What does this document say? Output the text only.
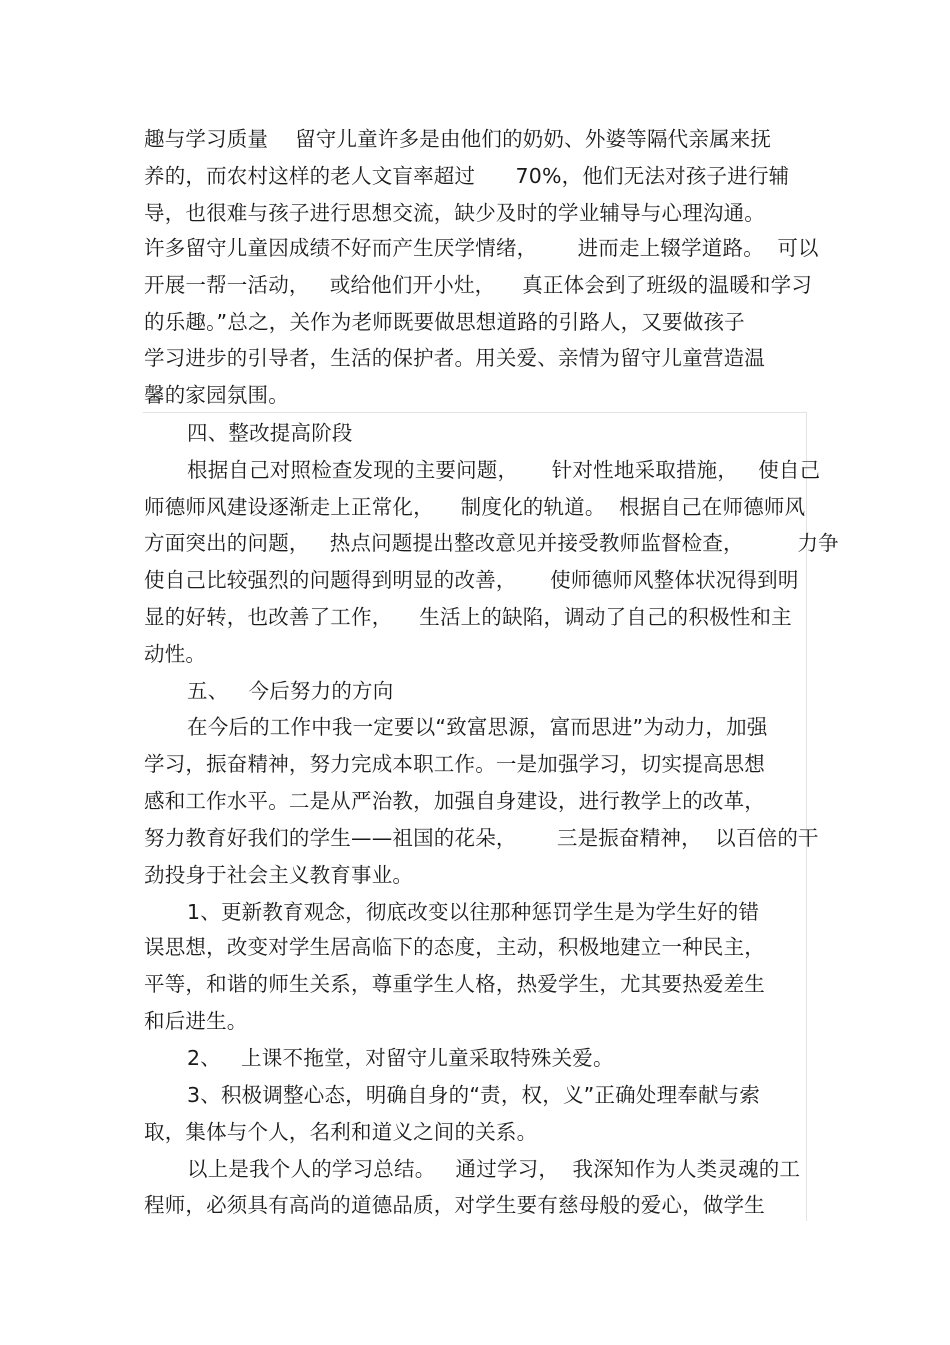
趣与学习质量    留守儿童许多是由他们的奶奶、外婆等隔代亲属来抚
养的，而农村这样的老人文盲率超过      70%，他们无法对孩子进行辅
导，也很难与孩子进行思想交流，缺少及时的学业辅导与心理沟通。
许多留守儿童因成绩不好而产生厌学情绪，      进而走上辍学道路。  可以
开展一帮一活动，   或给他们开小灶，    真正体会到了班级的温暖和学习
的乐趣。”总之，关作为老师既要做思想道路的引路人，又要做孩子
学习进步的引导者，生活的保护者。用关爱、亲情为留守儿童营造温
馨的家园氛围。
四、整改提高阶段
根据自己对照检查发现的主要问题，     针对性地采取措施，   使自己
师德师风建设逐渐走上正常化，    制度化的轨道。  根据自己在师德师风
方面突出的问题，   热点问题提出整改意见并接受教师监督检查，        力争
使自己比较强烈的问题得到明显的改善，     使师德师风整体状况得到明
显的好转，也改善了工作，    生活上的缺陷，调动了自己的积极性和主
动性。
五、   今后努力的方向
在今后的工作中我一定要以“致富思源，富而思进”为动力，加强
学习，振奋精神，努力完成本职工作。一是加强学习，切实提高思想
感和工作水平。二是从严治教，加强自身建设，进行教学上的改革，
努力教育好我们的学生——祖国的花朵，      三是振奋精神，  以百倍的干
劲投身于社会主义教育事业。
1、更新教育观念，彻底改变以往那种惩罚学生是为学生好的错
误思想，改变对学生居高临下的态度，主动，积极地建立一种民主，
平等，和谐的师生关系，尊重学生人格，热爱学生，尤其要热爱差生
和后进生。
2、   上课不拖堂，对留守儿童采取特殊关爱。
3、积极调整心态，明确自身的“责，权，义”正确处理奉献与索
取，集体与个人，名利和道义之间的关系。
以上是我个人的学习总结。   通过学习，  我深知作为人类灵魂的工
程师，必须具有高尚的道德品质，对学生要有慈母般的爱心，做学生
